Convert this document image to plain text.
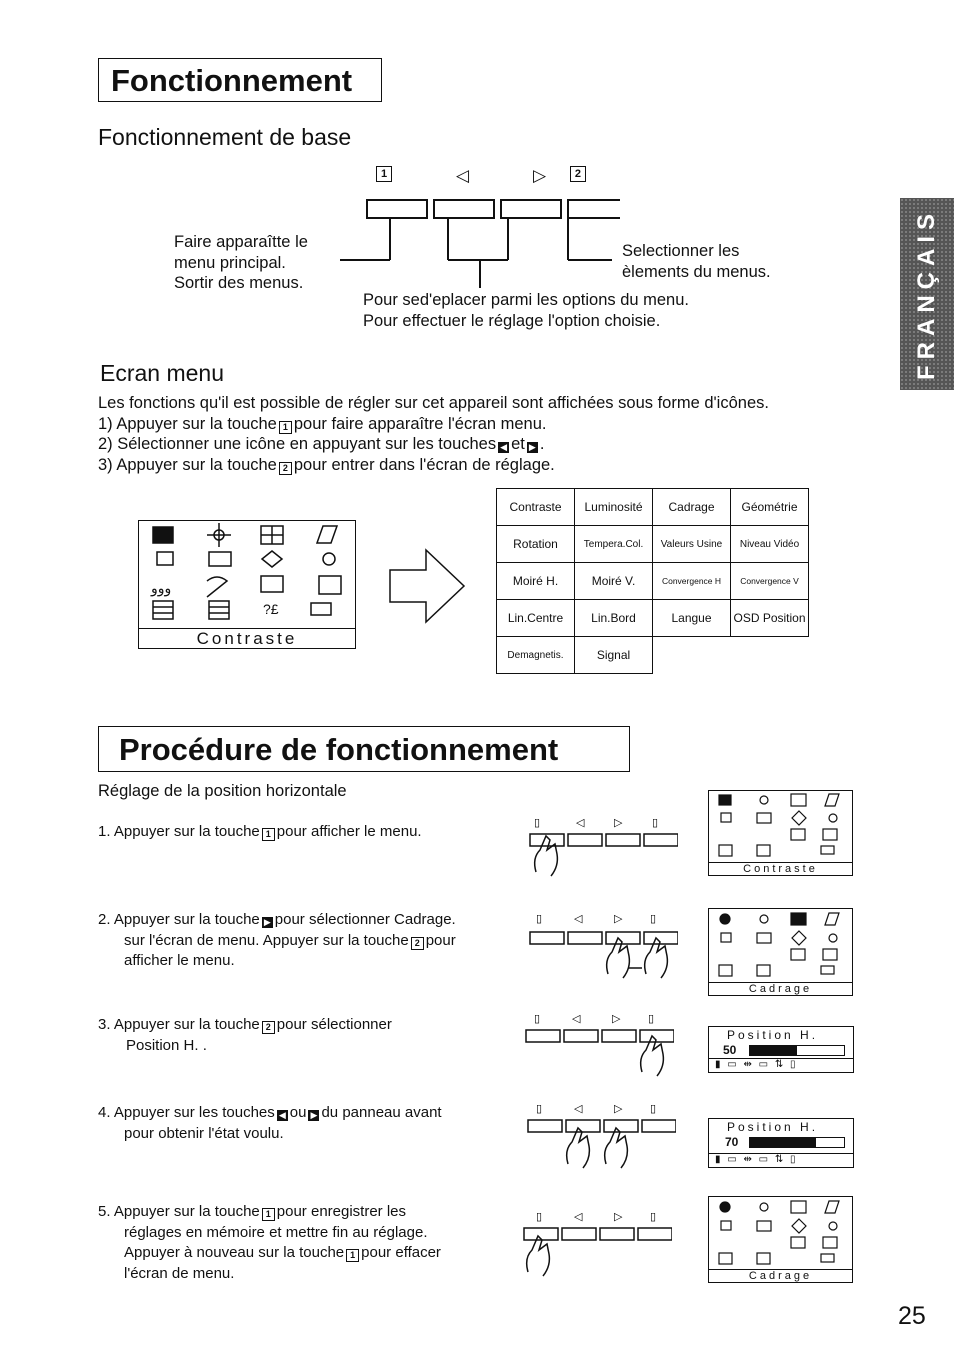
Fonctionnement
Fonctionnement de base
FRANÇAIS
1	◁	▷	2
Faire apparaîtte le
menu principal.
Sortir des menus.
Selectionner les
èlements du menus.
Pour sed'eplacer parmi les options du menu.
Pour effectuer le réglage l'option choisie.
Ecran menu
Les fonctions qu'il est possible de régler sur cet appareil sont affichées sous forme d'icônes.
1) Appuyer sur la touche 1 pour faire apparaître l'écran menu.
2) Sélectionner une icône en appuyant sur les touches ◀ et ▶ .
3) Appuyer sur la touche 2 pour entrer dans l'écran de réglage.
ﻭﻭﻭ
?£
Contraste
Contraste	Luminosité	Cadrage	Géométrie
Rotation	Tempera.Col.	Valeurs Usine	Niveau Vidéo
Moiré H.	Moiré V.	Convergence H	Convergence V
Lin.Centre	Lin.Bord	Langue	OSD Position
Demagnetis.	Signal		
Procédure de fonctionnement
Réglage de la position horizontale
1. Appuyer sur la touche 1 pour afficher le menu.
2. Appuyer sur la touche ▶ pour sélectionner Cadrage.
sur l'écran de menu. Appuyer sur la touche 2 pour
afficher le menu.
3. Appuyer sur la touche 2 pour sélectionner
Position H. .
4. Appuyer sur les touches ◀ ou ▶ du panneau avant
pour obtenir l'état voulu.
5. Appuyer sur la touche 1 pour enregistrer les
réglages en mémoire et mettre fin au réglage.
Appuyer à nouveau sur la touche 1 pour effacer
l'écran de menu.
▯	◁	▷	▯
▯	◁	▷	▯
▯	◁	▷	▯
▯	◁	▷	▯
▯	◁	▷	▯
Contraste
Cadrage
Position H.
50
▮ ▭ ⇹ ▭ ⇅ ▯
Position H.
70
▮ ▭ ⇹ ▭ ⇅ ▯
Cadrage
25
